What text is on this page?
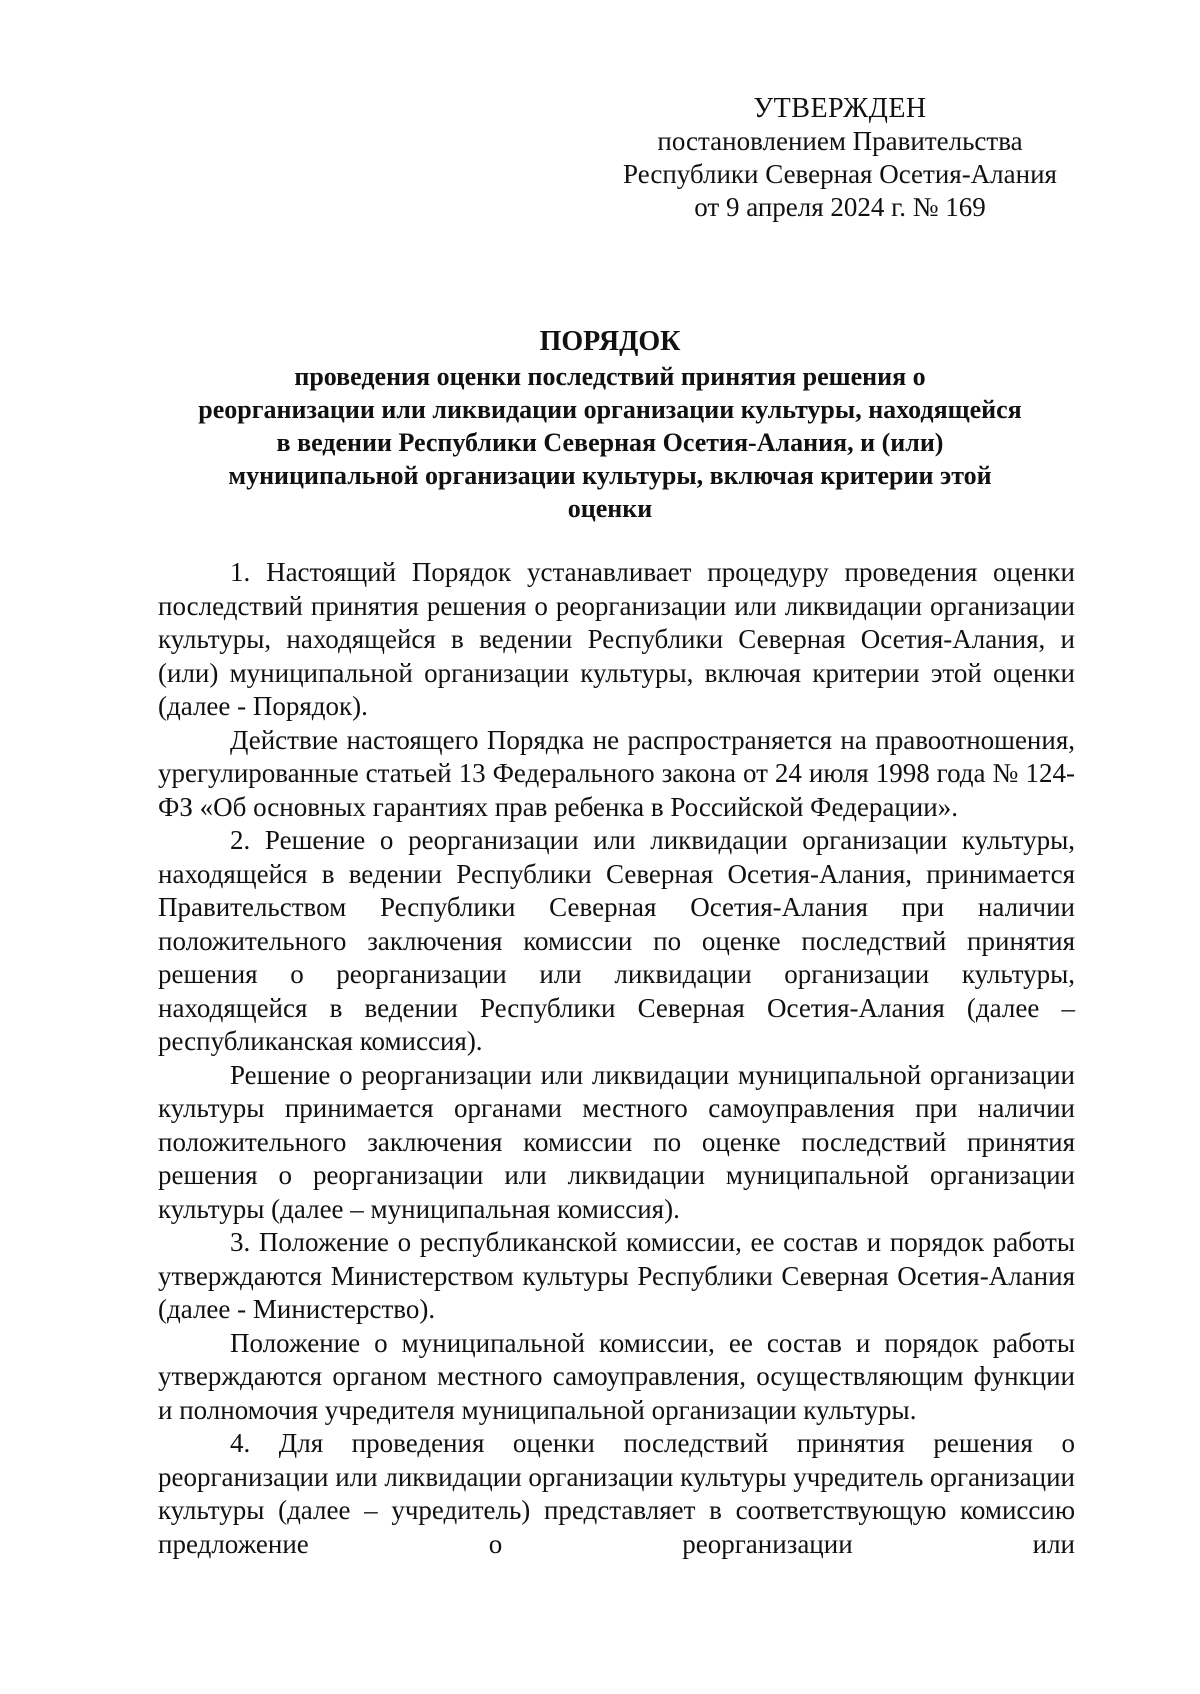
УТВЕРЖДЕН
постановлением Правительства
Республики Северная Осетия-Алания
от 9 апреля 2024 г. № 169
ПОРЯДОК
проведения оценки последствий принятия решения о
реорганизации или ликвидации организации культуры, находящейся
в ведении Республики Северная Осетия-Алания, и (или)
муниципальной организации культуры, включая критерии этой
оценки

1. Настоящий Порядок устанавливает процедуру проведения оценки последствий принятия решения о реорганизации или ликвидации организации культуры, находящейся в ведении Республики Северная Осетия-Алания, и (или) муниципальной организации культуры, включая критерии этой оценки (далее - Порядок).

Действие настоящего Порядка не распространяется на правоотношения, урегулированные статьей 13 Федерального закона от 24 июля 1998 года № 124-ФЗ «Об основных гарантиях прав ребенка в Российской Федерации».

2. Решение о реорганизации или ликвидации организации культуры, находящейся в ведении Республики Северная Осетия-Алания, принимается Правительством Республики Северная Осетия-Алания при наличии положительного заключения комиссии по оценке последствий принятия решения о реорганизации или ликвидации организации культуры, находящейся в ведении Республики Северная Осетия-Алания (далее – республиканская комиссия).

Решение о реорганизации или ликвидации муниципальной организации культуры принимается органами местного самоуправления при наличии положительного заключения комиссии по оценке последствий принятия решения о реорганизации или ликвидации муниципальной организации культуры (далее – муниципальная комиссия).

3. Положение о республиканской комиссии, ее состав и порядок работы утверждаются Министерством культуры Республики Северная Осетия-Алания (далее - Министерство).

Положение о муниципальной комиссии, ее состав и порядок работы утверждаются органом местного самоуправления, осуществляющим функции и полномочия учредителя муниципальной организации культуры.

4. Для проведения оценки последствий принятия решения о реорганизации или ликвидации организации культуры учредитель организации культуры (далее – учредитель) представляет в соответствующую комиссию предложение о реорганизации или
